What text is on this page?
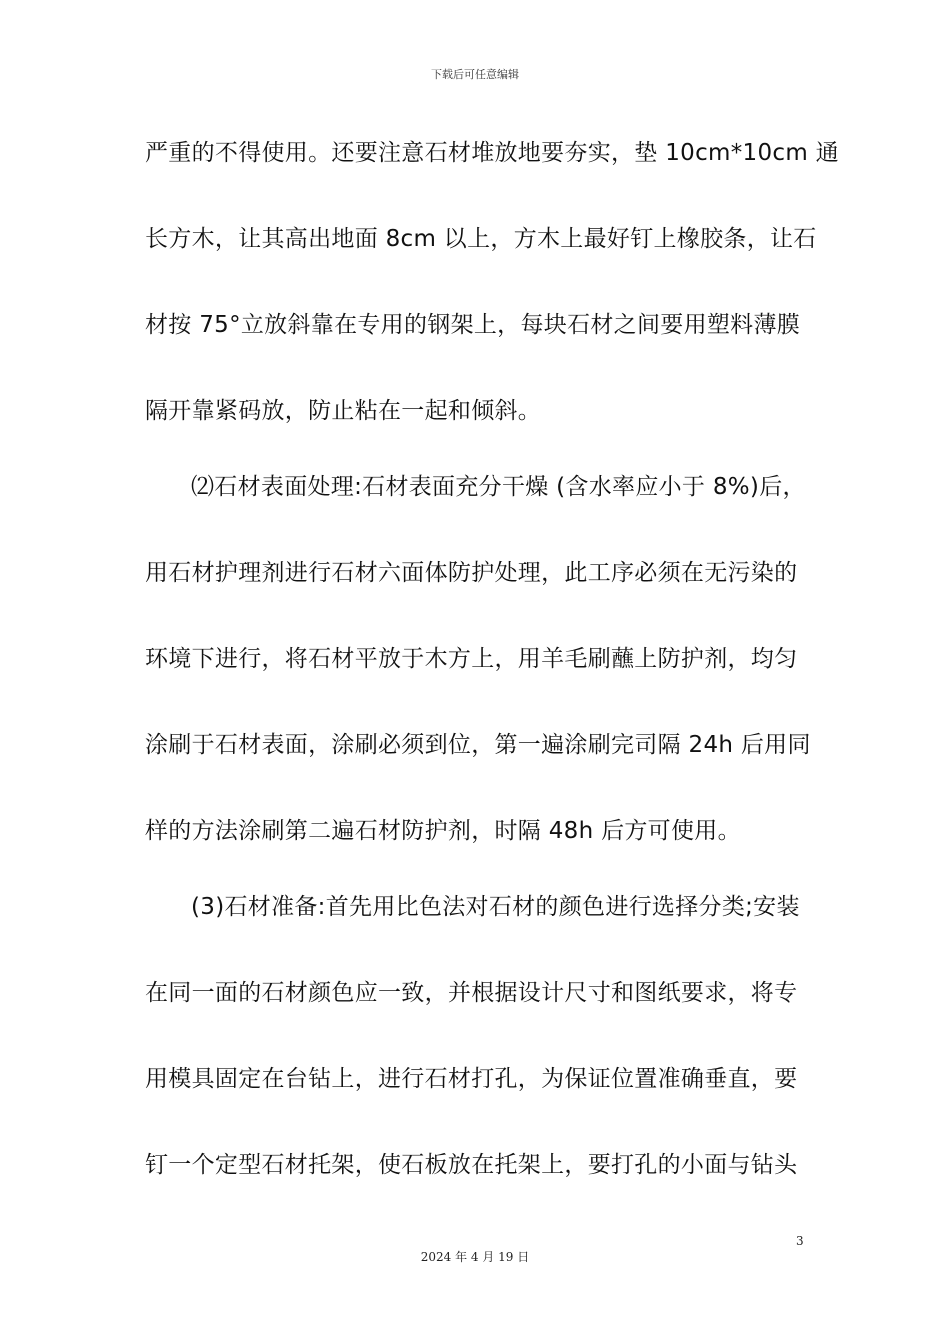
下载后可任意编辑
严重的不得使用。还要注意石材堆放地要夯实，垫 10cm*10cm 通
长方木，让其高出地面 8cm 以上，方木上最好钉上橡胶条，让石
材按 75°立放斜靠在专用的钢架上，每块石材之间要用塑料薄膜
隔开靠紧码放，防止粘在一起和倾斜。
⑵石材表面处理:石材表面充分干燥 (含水率应小于 8%)后，
用石材护理剂进行石材六面体防护处理，此工序必须在无污染的
环境下进行，将石材平放于木方上，用羊毛刷蘸上防护剂，均匀
涂刷于石材表面，涂刷必须到位，第一遍涂刷完司隔 24h 后用同
样的方法涂刷第二遍石材防护剂，时隔 48h 后方可使用。
(3)石材准备:首先用比色法对石材的颜色进行选择分类;安装
在同一面的石材颜色应一致，并根据设计尺寸和图纸要求，将专
用模具固定在台钻上，进行石材打孔，为保证位置准确垂直，要
钉一个定型石材托架，使石板放在托架上，要打孔的小面与钻头
3
2024 年 4 月 19 日
